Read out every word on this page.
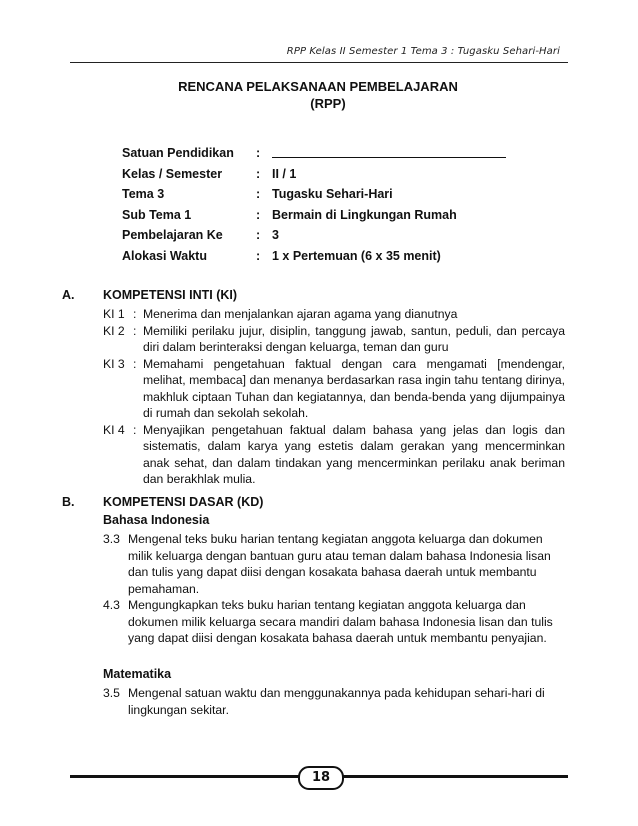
RPP Kelas II Semester 1 Tema 3 : Tugasku Sehari-Hari
RENCANA PELAKSANAAN PEMBELAJARAN
(RPP)
Satuan Pendidikan	:
Kelas / Semester	: II / 1
Tema 3	: Tugasku Sehari-Hari
Sub Tema 1	: Bermain di Lingkungan Rumah
Pembelajaran Ke	: 3
Alokasi Waktu	: 1 x Pertemuan (6 x 35 menit)
A.	KOMPETENSI INTI (KI)
KI 1 : Menerima dan menjalankan ajaran agama yang dianutnya
KI 2 : Memiliki perilaku jujur, disiplin, tanggung jawab, santun, peduli, dan percaya diri dalam berinteraksi dengan keluarga, teman dan guru
KI 3 : Memahami pengetahuan faktual dengan cara mengamati [mendengar, melihat, membaca] dan menanya berdasarkan rasa ingin tahu tentang dirinya, makhluk ciptaan Tuhan dan kegiatannya, dan benda-benda yang dijumpainya di rumah dan sekolah sekolah.
KI 4 : Menyajikan pengetahuan faktual dalam bahasa yang jelas dan logis dan sistematis, dalam karya yang estetis dalam gerakan yang mencerminkan anak sehat, dan dalam tindakan yang mencerminkan perilaku anak beriman dan berakhlak mulia.
B.	KOMPETENSI DASAR (KD)
Bahasa Indonesia
3.3 Mengenal teks buku harian tentang kegiatan anggota keluarga dan dokumen milik keluarga dengan bantuan guru atau teman dalam bahasa Indonesia lisan dan tulis yang dapat diisi dengan kosakata bahasa daerah untuk membantu pemahaman.
4.3 Mengungkapkan teks buku harian tentang kegiatan anggota keluarga dan dokumen milik keluarga secara mandiri dalam bahasa Indonesia lisan dan tulis yang dapat diisi dengan kosakata bahasa daerah untuk membantu penyajian.
Matematika
3.5 Mengenal satuan waktu dan menggunakannya pada kehidupan sehari-hari di lingkungan sekitar.
18
